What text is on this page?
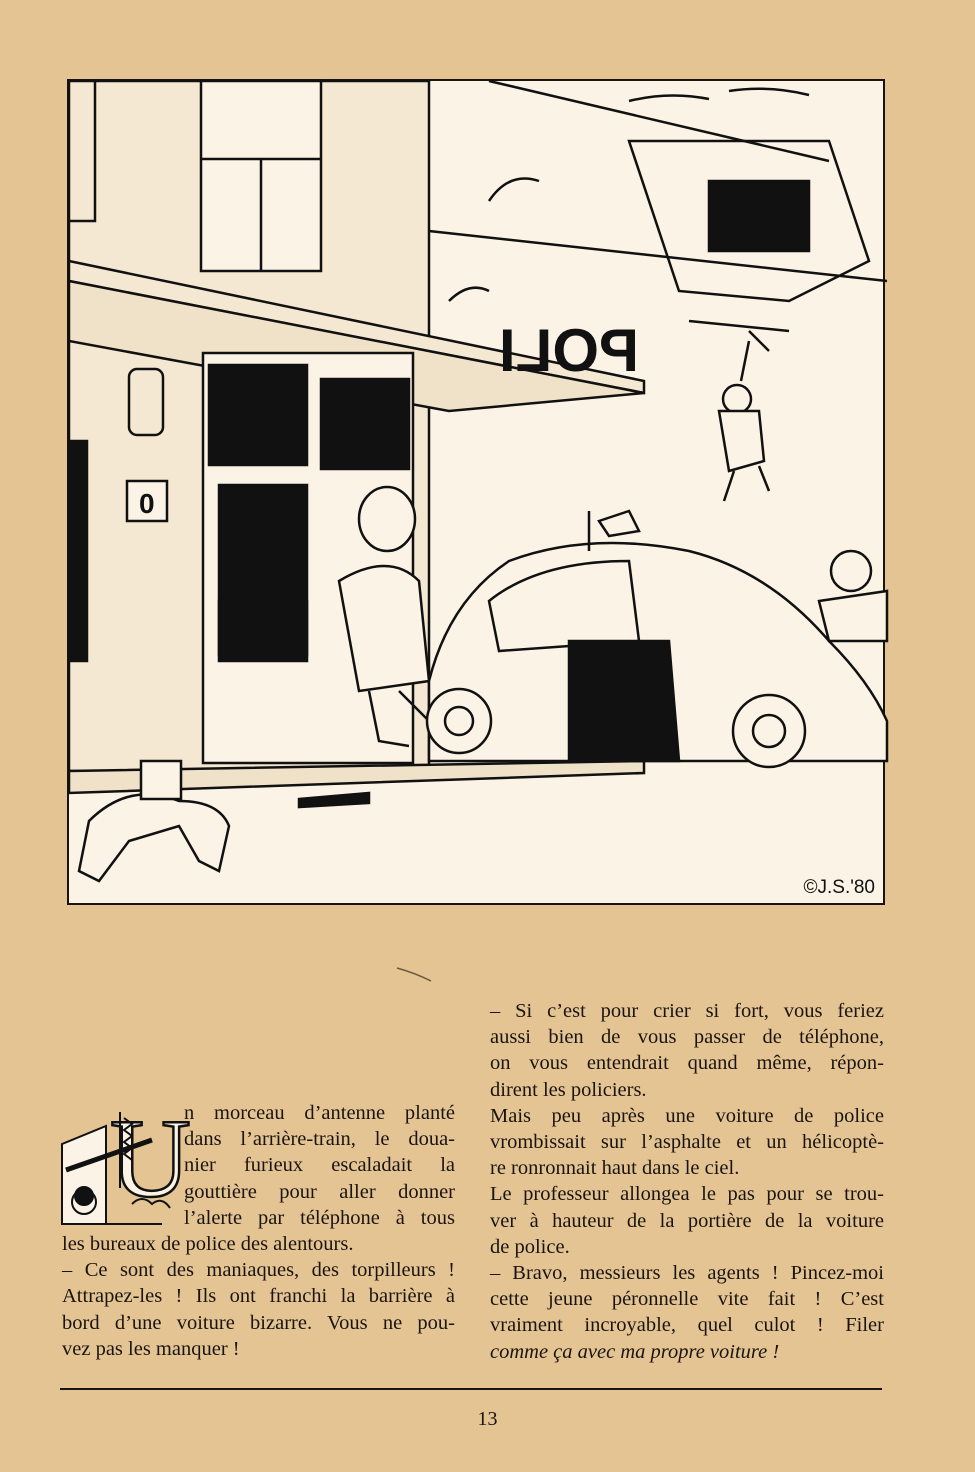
POLI
0
©J.S.'80
U

n morceau d’antenne planté

dans l’arrière-train, le doua-

nier furieux escaladait la

gouttière pour aller donner

l’alerte par téléphone à tous

les bureaux de police des alentours.

– Ce sont des maniaques, des torpilleurs !

Attrapez-les ! Ils ont franchi la barrière à

bord d’une voiture bizarre. Vous ne pou-

vez pas les manquer !

– Si c’est pour crier si fort, vous feriez

aussi bien de vous passer de téléphone,

on vous entendrait quand même, répon-

dirent les policiers.

Mais peu après une voiture de police

vrombissait sur l’asphalte et un hélicoptè-

re ronronnait haut dans le ciel.

Le professeur allongea le pas pour se trou-

ver à hauteur de la portière de la voiture

de police.

– Bravo, messieurs les agents ! Pincez-moi

cette jeune péronnelle vite fait ! C’est

vraiment incroyable, quel culot ! Filer

comme ça avec ma propre voiture !

13
